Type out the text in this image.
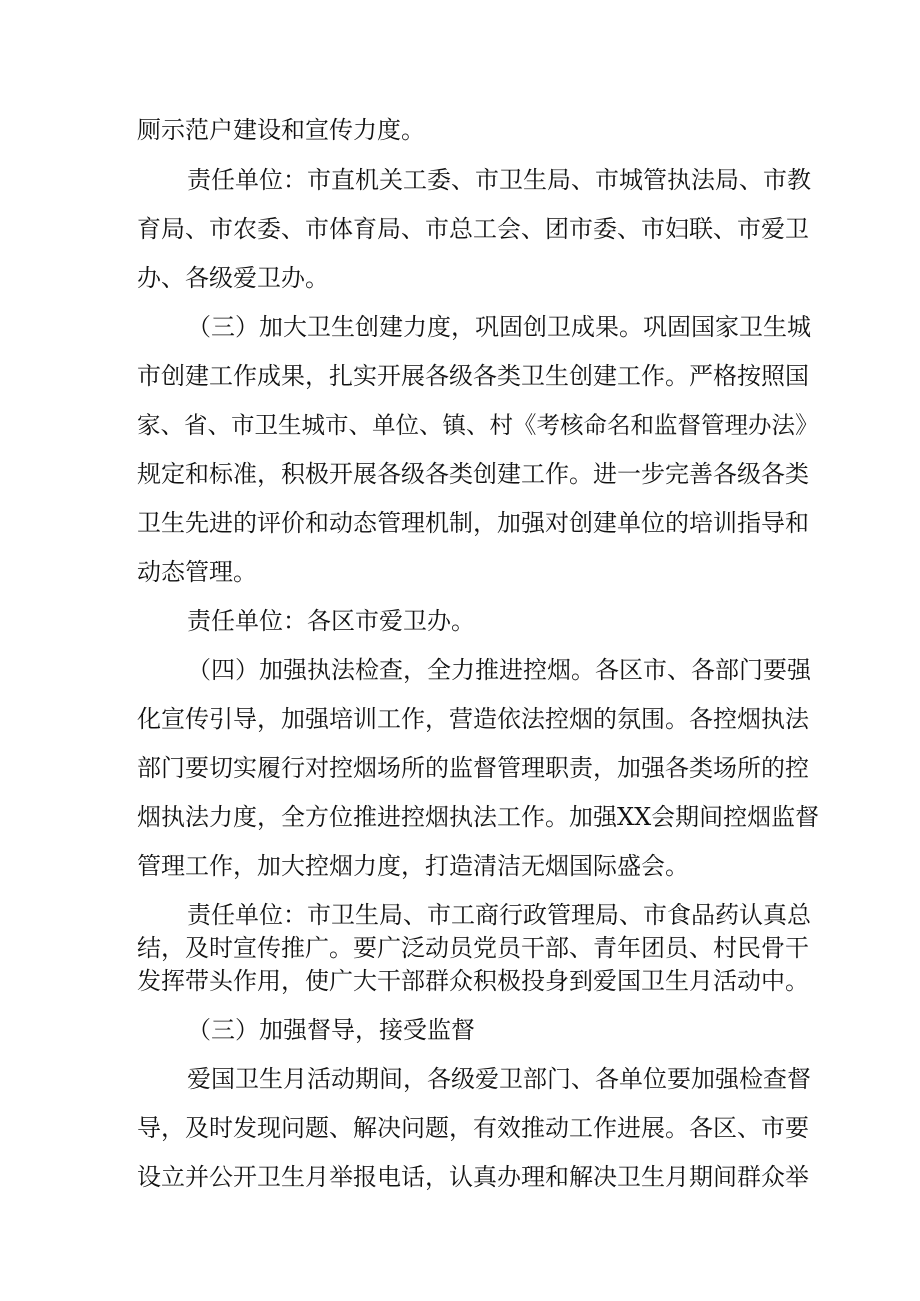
厕示范户建设和宣传力度。

责任单位：市直机关工委、市卫生局、市城管执法局、市教

育局、市农委、市体育局、市总工会、团市委、市妇联、市爱卫

办、各级爱卫办。

（三）加大卫生创建力度，巩固创卫成果。巩固国家卫生城

市创建工作成果，扎实开展各级各类卫生创建工作。严格按照国

家、省、市卫生城市、单位、镇、村《考核命名和监督管理办法》

规定和标准，积极开展各级各类创建工作。进一步完善各级各类

卫生先进的评价和动态管理机制，加强对创建单位的培训指导和

动态管理。

责任单位：各区市爱卫办。

（四）加强执法检查，全力推进控烟。各区市、各部门要强

化宣传引导，加强培训工作，营造依法控烟的氛围。各控烟执法

部门要切实履行对控烟场所的监督管理职责，加强各类场所的控

烟执法力度，全方位推进控烟执法工作。加强XX会期间控烟监督

管理工作，加大控烟力度，打造清洁无烟国际盛会。

责任单位：市卫生局、市工商行政管理局、市食品药认真总

结，及时宣传推广。要广泛动员党员干部、青年团员、村民骨干

发挥带头作用，使广大干部群众积极投身到爱国卫生月活动中。

（三）加强督导，接受监督

爱国卫生月活动期间，各级爱卫部门、各单位要加强检查督

导，及时发现问题、解决问题，有效推动工作进展。各区、市要

设立并公开卫生月举报电话，认真办理和解决卫生月期间群众举
